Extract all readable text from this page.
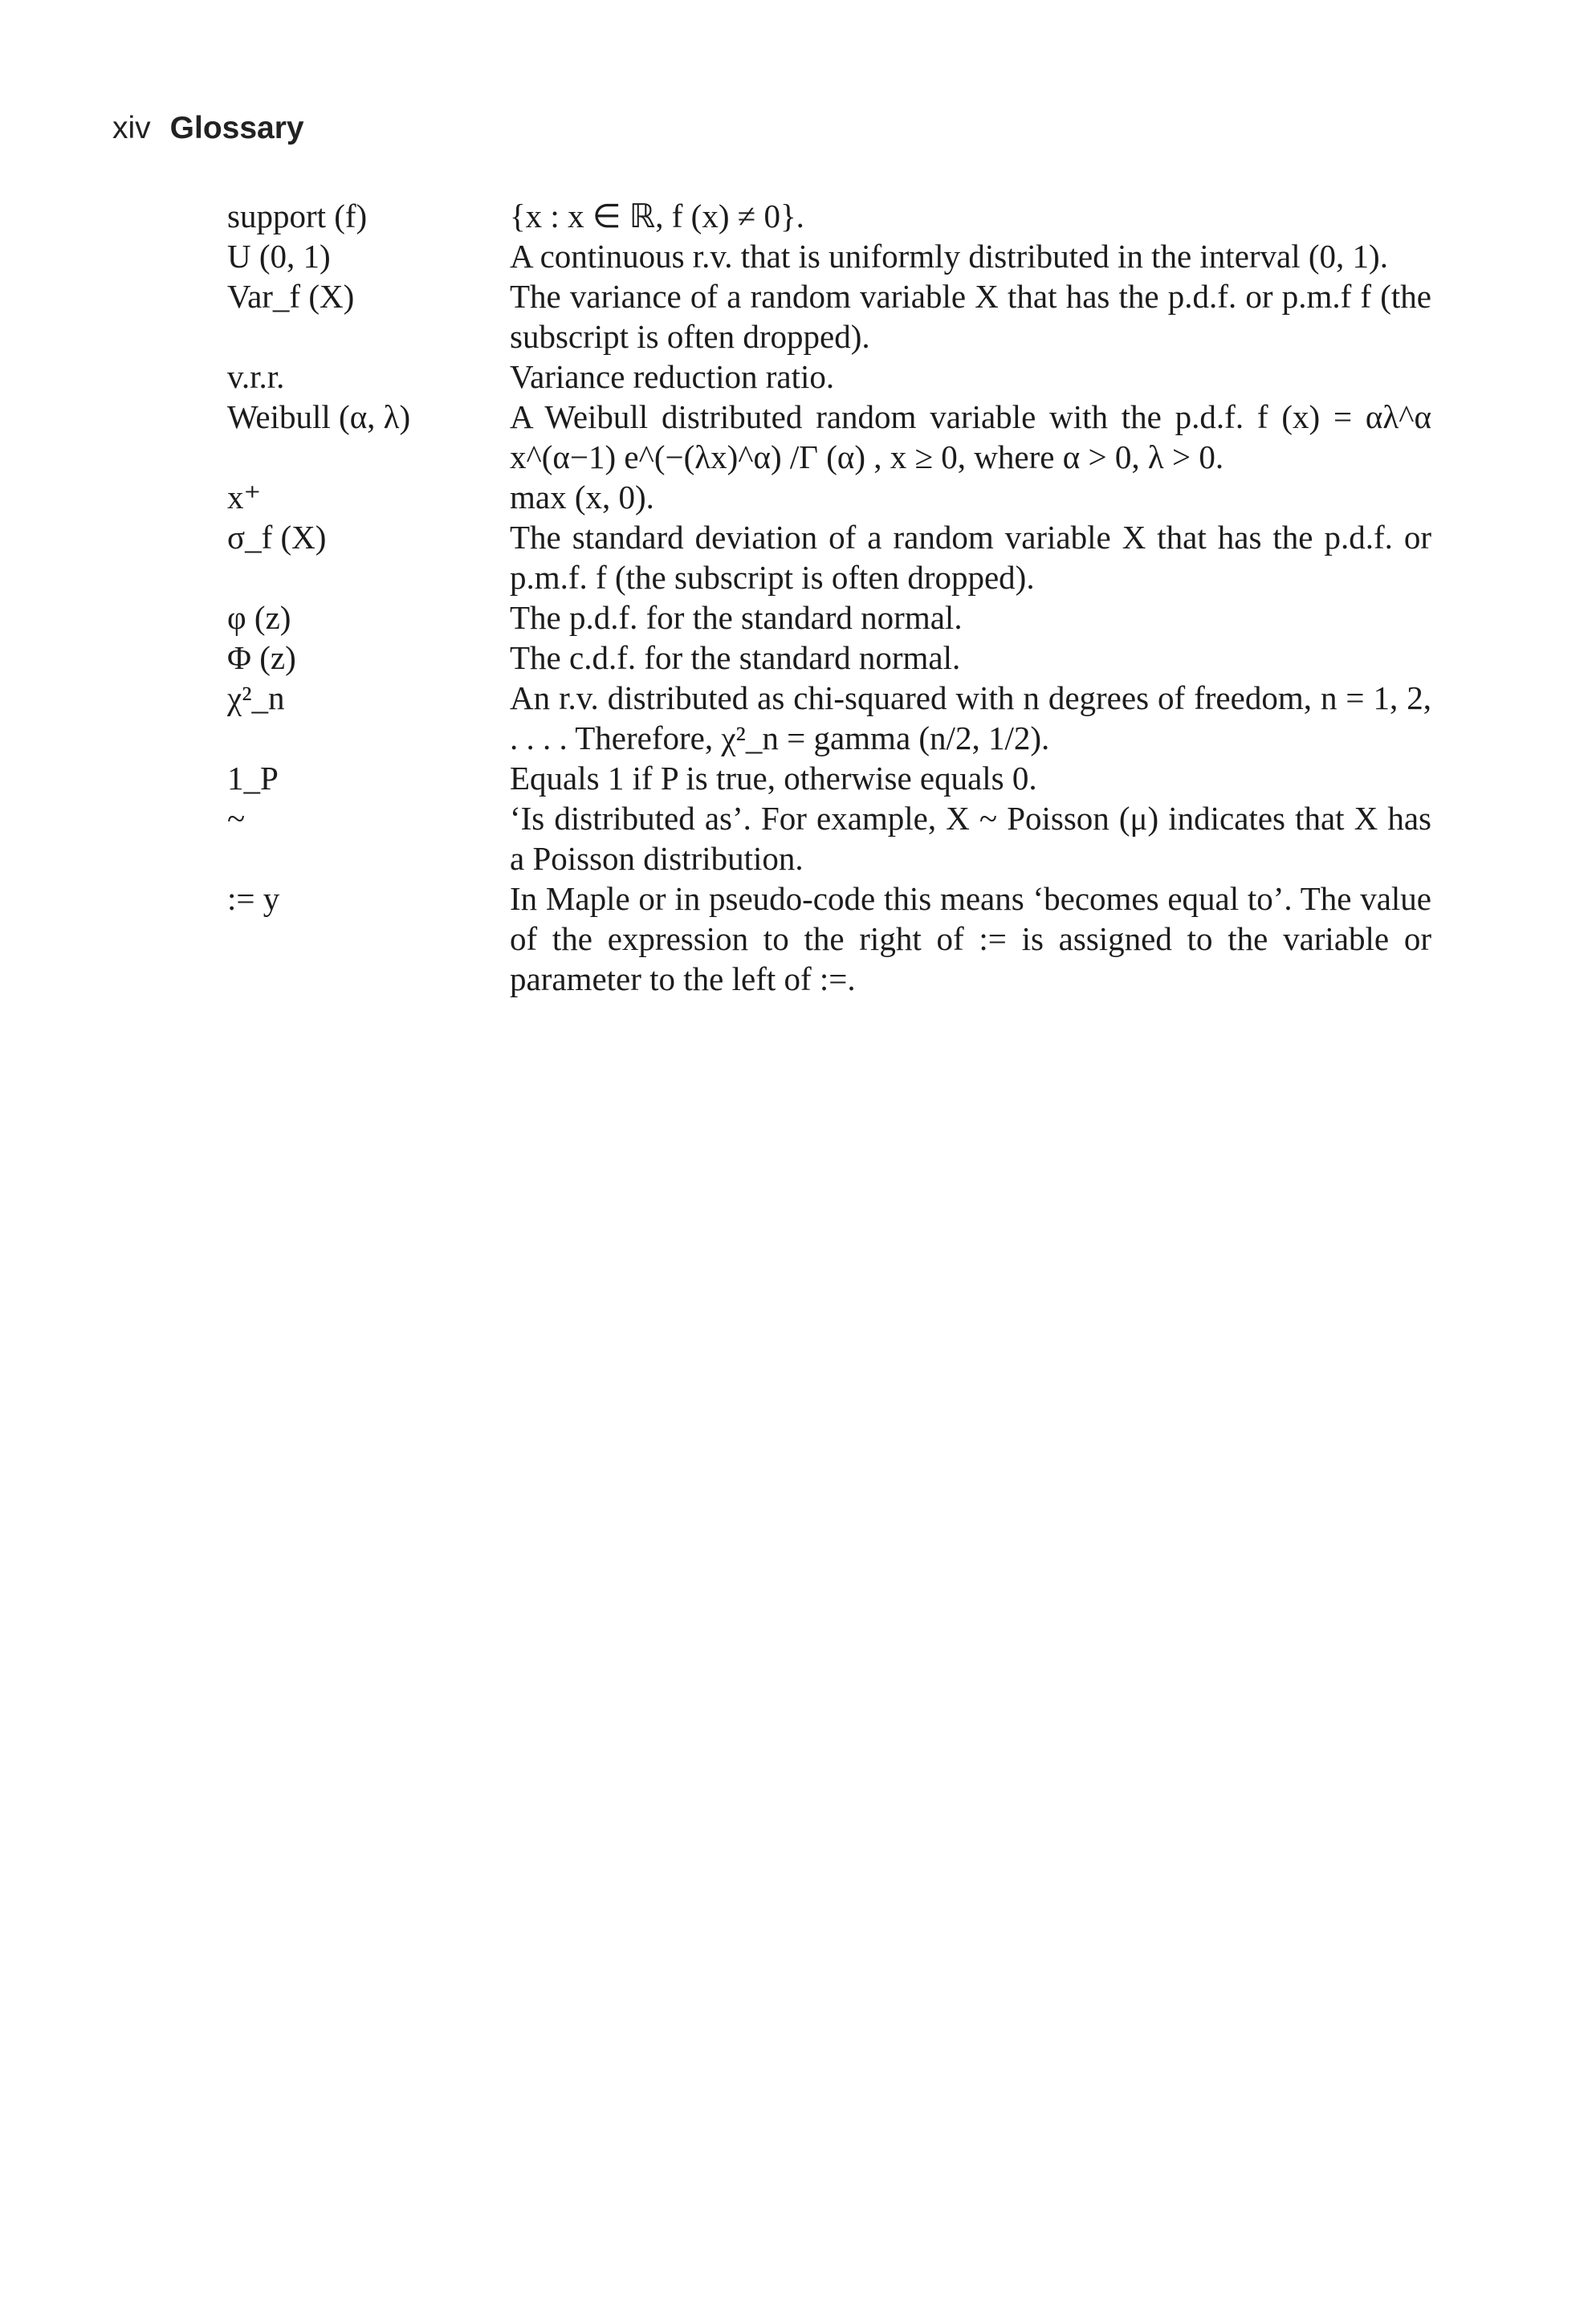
xiv Glossary
support (f)	{x : x ∈ ℝ, f (x) ≠ 0}.
U (0, 1)	A continuous r.v. that is uniformly distributed in the interval (0, 1).
Var_f (X)	The variance of a random variable X that has the p.d.f. or p.m.f f (the subscript is often dropped).
v.r.r.	Variance reduction ratio.
Weibull (α, λ)	A Weibull distributed random variable with the p.d.f. f (x) = αλ^α x^(α−1) e^(−(λx)^α) /Γ (α) , x ≥ 0, where α > 0, λ > 0.
x⁺	max (x, 0).
σ_f (X)	The standard deviation of a random variable X that has the p.d.f. or p.m.f. f (the subscript is often dropped).
φ (z)	The p.d.f. for the standard normal.
Φ (z)	The c.d.f. for the standard normal.
χ²_n	An r.v. distributed as chi-squared with n degrees of freedom, n = 1, 2, . . . . Therefore, χ²_n = gamma (n/2, 1/2).
1_P	Equals 1 if P is true, otherwise equals 0.
~	‘Is distributed as’. For example, X ~ Poisson (μ) indicates that X has a Poisson distribution.
:= y	In Maple or in pseudo-code this means ‘becomes equal to’. The value of the expression to the right of := is assigned to the variable or parameter to the left of :=.
